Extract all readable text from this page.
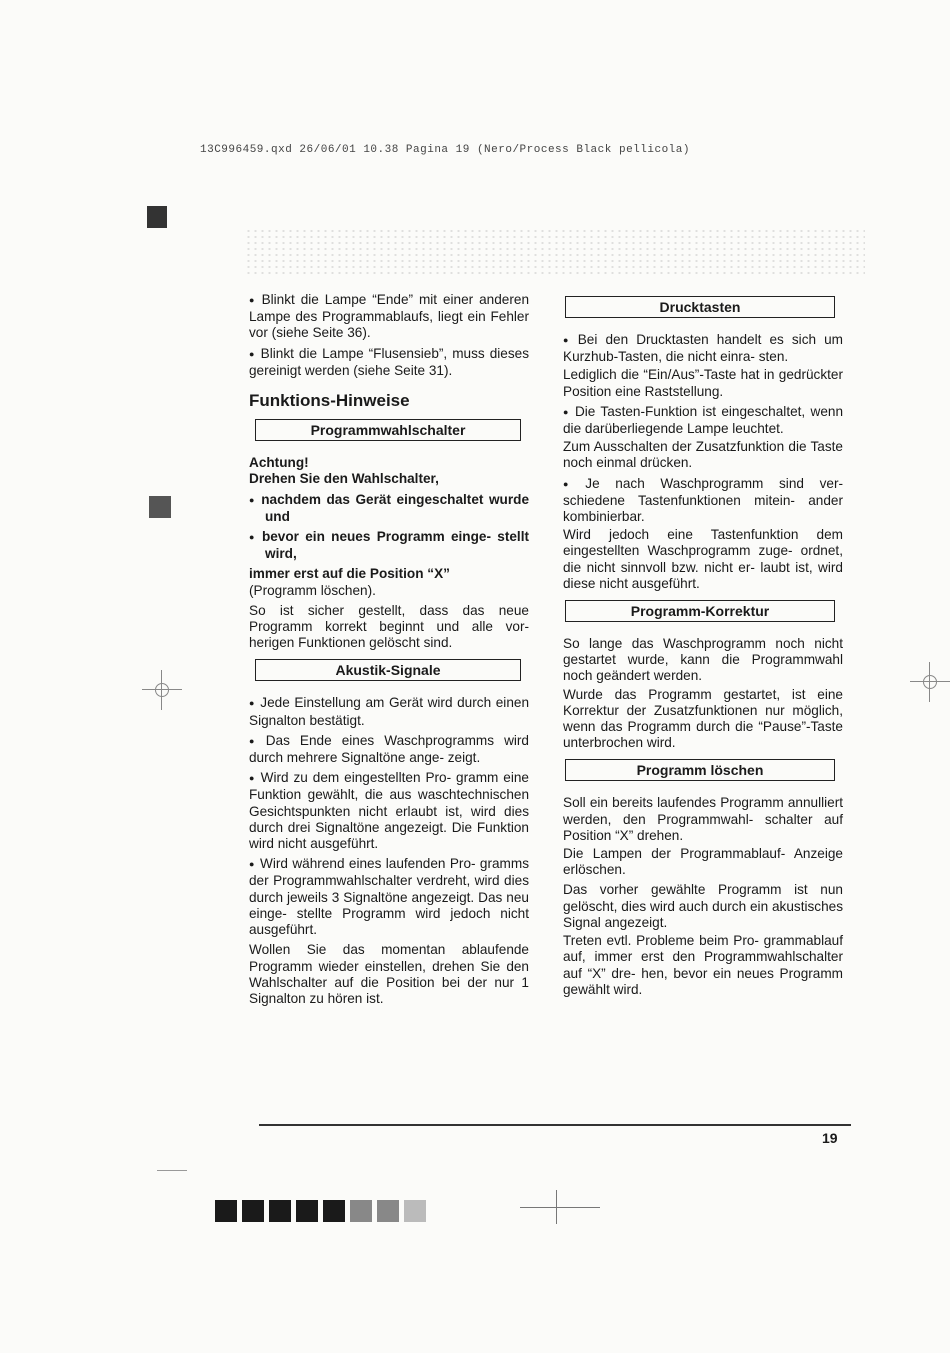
13C996459.qxd 26/06/01 10.38 Pagina 19 (Nero/Process Black pellicola)

● Blinkt die Lampe “Ende” mit einer anderen Lampe des Programmablaufs, liegt ein Fehler vor (siehe Seite 36).

● Blinkt die Lampe “Flusensieb”, muss dieses gereinigt werden (siehe Seite 31).

Funktions-Hinweise
Programmwahlschalter

Achtung!

Drehen Sie den Wahlschalter,

● nachdem das Gerät eingeschaltet wurde und

● bevor ein neues Programm einge- stellt wird,

immer erst auf die Position “X”

(Programm löschen).

So ist sicher gestellt, dass das neue Programm korrekt beginnt und alle vor- herigen Funktionen gelöscht sind.

Akustik-Signale

● Jede Einstellung am Gerät wird durch einen Signalton bestätigt.

● Das Ende eines Waschprogramms wird durch mehrere Signaltöne ange- zeigt.

● Wird zu dem eingestellten Pro- gramm eine Funktion gewählt, die aus waschtechnischen Gesichtspunkten nicht erlaubt ist, wird dies durch drei Signaltöne angezeigt. Die Funktion wird nicht ausgeführt.

● Wird während eines laufenden Pro- gramms der Programmwahlschalter verdreht, wird dies durch jeweils 3 Signaltöne angezeigt. Das neu einge- stellte Programm wird jedoch nicht ausgeführt.

Wollen Sie das momentan ablaufende Programm wieder einstellen, drehen Sie den Wahlschalter auf die Position bei der nur 1 Signalton zu hören ist.

Drucktasten

● Bei den Drucktasten handelt es sich um Kurzhub-Tasten, die nicht einra- sten.

Lediglich die “Ein/Aus”-Taste hat in gedrückter Position eine Raststellung.

● Die Tasten-Funktion ist eingeschaltet, wenn die darüberliegende Lampe leuchtet.

Zum Ausschalten der Zusatzfunktion die Taste noch einmal drücken.

● Je nach Waschprogramm sind ver- schiedene Tastenfunktionen mitein- ander kombinierbar.

Wird jedoch eine Tastenfunktion dem eingestellten Waschprogramm zuge- ordnet, die nicht sinnvoll bzw. nicht er- laubt ist, wird diese nicht ausgeführt.

Programm-Korrektur

So lange das Waschprogramm noch nicht gestartet wurde, kann die Programmwahl noch geändert werden.

Wurde das Programm gestartet, ist eine Korrektur der Zusatzfunktionen nur möglich, wenn das Programm durch die “Pause”-Taste unterbrochen wird.

Programm löschen

Soll ein bereits laufendes Programm annulliert werden, den Programmwahl- schalter auf Position “X” drehen.

Die Lampen der Programmablauf- Anzeige erlöschen.

Das vorher gewählte Programm ist nun gelöscht, dies wird auch durch ein akustisches Signal angezeigt.

Treten evtl. Probleme beim Pro- grammablauf auf, immer erst den Programmwahlschalter auf “X” dre- hen, bevor ein neues Programm gewählt wird.

19
